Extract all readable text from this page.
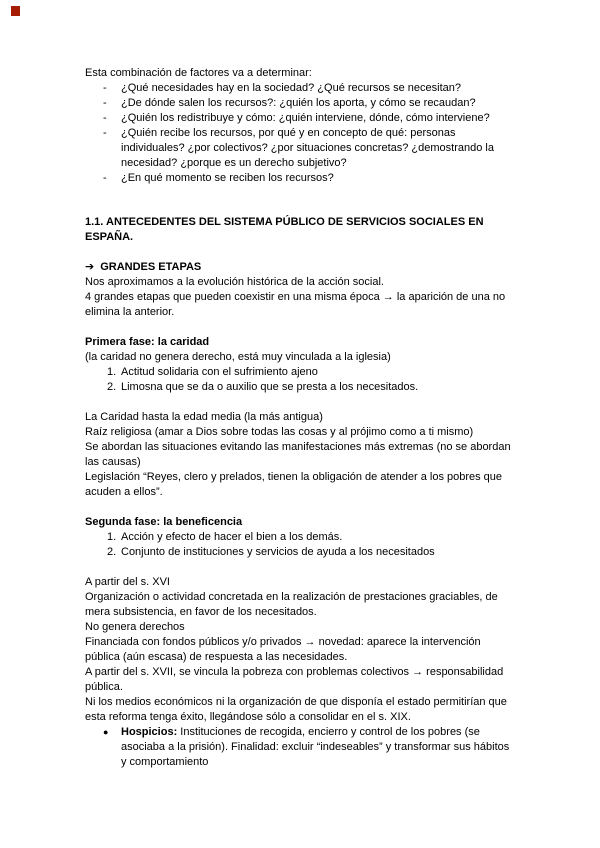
Esta combinación de factores va a determinar:

-	¿Qué necesidades hay en la sociedad? ¿Qué recursos se necesitan?
-	¿De dónde salen los recursos?: ¿quién los aporta, y cómo se recaudan?
-	¿Quién los redistribuye y cómo: ¿quién interviene, dónde, cómo interviene?
-	¿Quién recibe los recursos, por qué y en concepto de qué: personas individuales? ¿por colectivos? ¿por situaciones concretas? ¿demostrando la necesidad? ¿porque es un derecho subjetivo?
-	¿En qué momento se reciben los recursos?
1.1. ANTECEDENTES DEL SISTEMA PÚBLICO DE SERVICIOS SOCIALES EN ESPAÑA.

➔ GRANDES ETAPAS

Nos aproximamos a la evolución histórica de la acción social.

4 grandes etapas que pueden coexistir en una misma época → la aparición de una no elimina la anterior.

Primera fase: la caridad

(la caridad no genera derecho, está muy vinculada a la iglesia)

1. Actitud solidaria con el sufrimiento ajeno
2. Limosna que se da o auxilio que se presta a los necesitados.

La Caridad hasta la edad media (la más antigua)

Raíz religiosa (amar a Dios sobre todas las cosas y al prójimo como a ti mismo)

Se abordan las situaciones evitando las manifestaciones más extremas (no se abordan las causas)

Legislación “Reyes, clero y prelados, tienen la obligación de atender a los pobres que acuden a ellos”.

Segunda fase: la beneficencia

1. Acción y efecto de hacer el bien a los demás.
2. Conjunto de instituciones y servicios de ayuda a los necesitados

A partir del s. XVI

Organización o actividad concretada en la realización de prestaciones graciables, de mera subsistencia, en favor de los necesitados.

No genera derechos

Financiada con fondos públicos y/o privados → novedad: aparece la intervención pública (aún escasa) de respuesta a las necesidades.

A partir del s. XVII, se vincula la pobreza con problemas colectivos → responsabilidad pública.

Ni los medios económicos ni la organización de que disponía el estado permitirían que esta reforma tenga éxito, llegándose sólo a consolidar en el s. XIX.

●	Hospicios: Instituciones de recogida, encierro y control de los pobres (se asociaba a la prisión). Finalidad: excluir “indeseables” y transformar sus hábitos y comportamiento
